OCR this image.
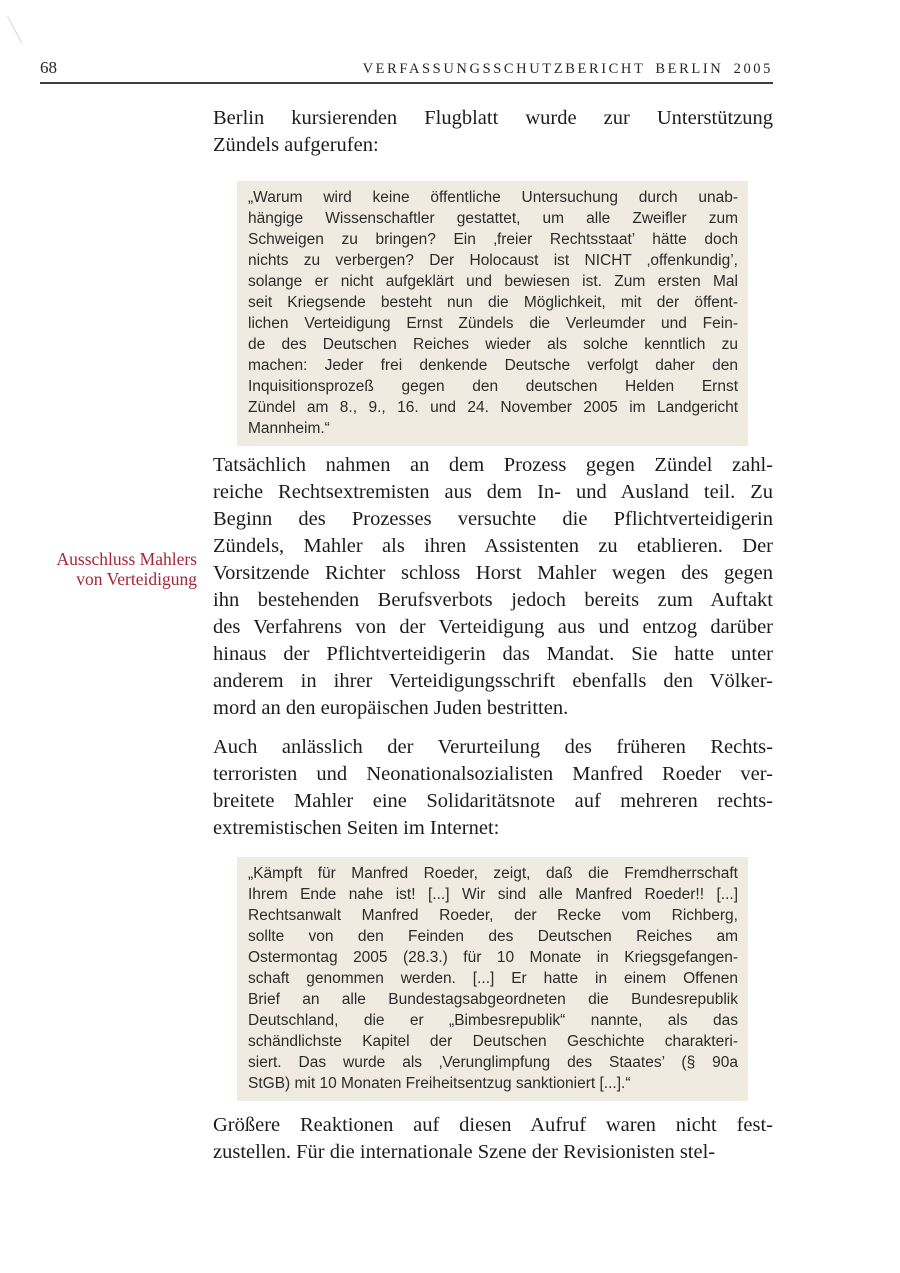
68	VERFASSUNGSSCHUTZBERICHT BERLIN 2005
Berlin kursierenden Flugblatt wurde zur Unterstützung
Zündels aufgerufen:
„Warum wird keine öffentliche Untersuchung durch unab-
hängige Wissenschaftler gestattet, um alle Zweifler zum
Schweigen zu bringen? Ein ‚freier Rechtsstaat’ hätte doch
nichts zu verbergen? Der Holocaust ist NICHT ‚offenkundig’,
solange er nicht aufgeklärt und bewiesen ist. Zum ersten Mal
seit Kriegsende besteht nun die Möglichkeit, mit der öffent-
lichen Verteidigung Ernst Zündels die Verleumder und Fein-
de des Deutschen Reiches wieder als solche kenntlich zu
machen: Jeder frei denkende Deutsche verfolgt daher den
Inquisitionsprozeß gegen den deutschen Helden Ernst
Zündel am 8., 9., 16. und 24. November 2005 im Landgericht
Mannheim.“
Tatsächlich nahmen an dem Prozess gegen Zündel zahl-
reiche Rechtsextremisten aus dem In- und Ausland teil. Zu
Beginn des Prozesses versuchte die Pflichtverteidigerin
Zündels, Mahler als ihren Assistenten zu etablieren. Der
Vorsitzende Richter schloss Horst Mahler wegen des gegen
ihn bestehenden Berufsverbots jedoch bereits zum Auftakt
des Verfahrens von der Verteidigung aus und entzog darüber
hinaus der Pflichtverteidigerin das Mandat. Sie hatte unter
anderem in ihrer Verteidigungsschrift ebenfalls den Völker-
mord an den europäischen Juden bestritten.
Ausschluss Mahlers
von Verteidigung
Auch anlässlich der Verurteilung des früheren Rechts-
terroristen und Neonationalsozialisten Manfred Roeder ver-
breitete Mahler eine Solidaritätsnote auf mehreren rechts-
extremistischen Seiten im Internet:
„Kämpft für Manfred Roeder, zeigt, daß die Fremdherrschaft
Ihrem Ende nahe ist! [...] Wir sind alle Manfred Roeder!! [...]
Rechtsanwalt Manfred Roeder, der Recke vom Richberg,
sollte von den Feinden des Deutschen Reiches am
Ostermontag 2005 (28.3.) für 10 Monate in Kriegsgefangen-
schaft genommen werden. [...] Er hatte in einem Offenen
Brief an alle Bundestagsabgeordneten die Bundesrepublik
Deutschland, die er „Bimbesrepublik“ nannte, als das
schändlichste Kapitel der Deutschen Geschichte charakteri-
siert. Das wurde als ‚Verunglimpfung des Staates’ (§ 90a
StGB) mit 10 Monaten Freiheitsentzug sanktioniert [...].“
Größere Reaktionen auf diesen Aufruf waren nicht fest-
zustellen. Für die internationale Szene der Revisionisten stel-
